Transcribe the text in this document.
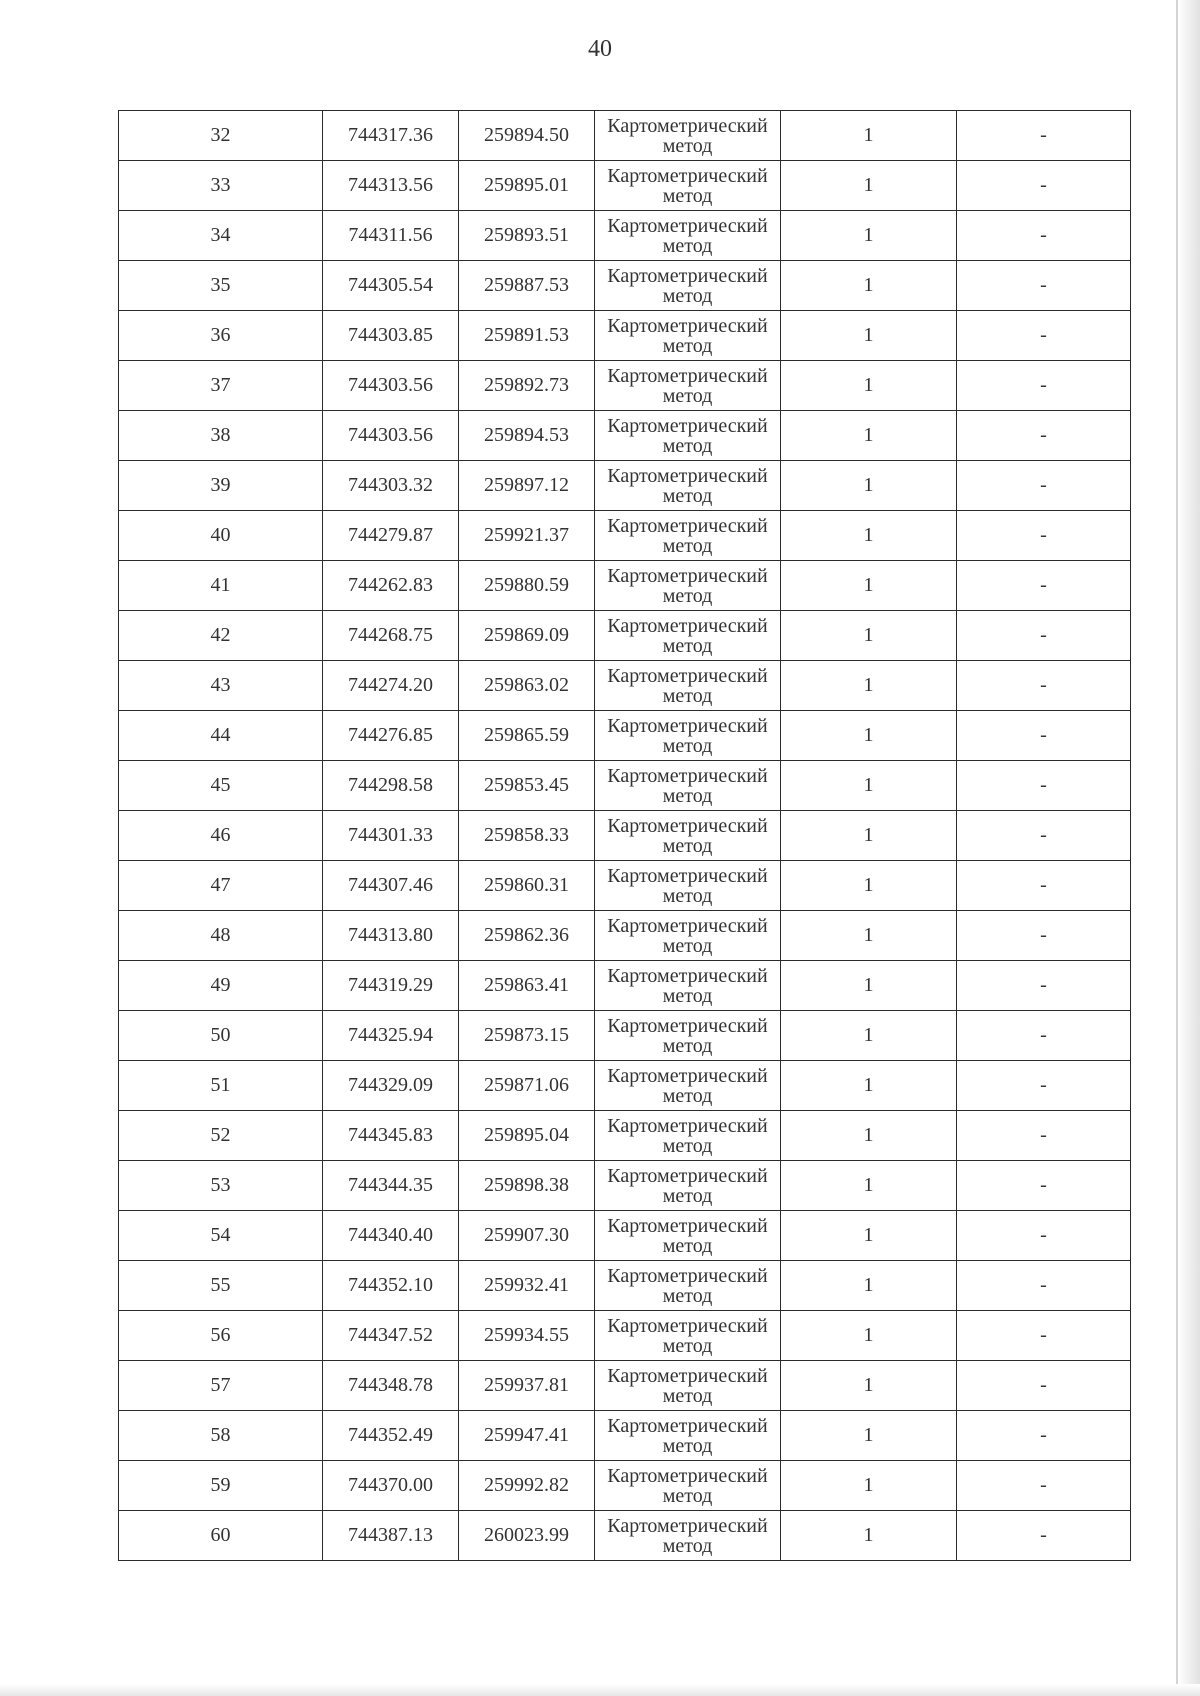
40
32	744317.36	259894.50	Картометрический
метод	1	-
33	744313.56	259895.01	Картометрический
метод	1	-
34	744311.56	259893.51	Картометрический
метод	1	-
35	744305.54	259887.53	Картометрический
метод	1	-
36	744303.85	259891.53	Картометрический
метод	1	-
37	744303.56	259892.73	Картометрический
метод	1	-
38	744303.56	259894.53	Картометрический
метод	1	-
39	744303.32	259897.12	Картометрический
метод	1	-
40	744279.87	259921.37	Картометрический
метод	1	-
41	744262.83	259880.59	Картометрический
метод	1	-
42	744268.75	259869.09	Картометрический
метод	1	-
43	744274.20	259863.02	Картометрический
метод	1	-
44	744276.85	259865.59	Картометрический
метод	1	-
45	744298.58	259853.45	Картометрический
метод	1	-
46	744301.33	259858.33	Картометрический
метод	1	-
47	744307.46	259860.31	Картометрический
метод	1	-
48	744313.80	259862.36	Картометрический
метод	1	-
49	744319.29	259863.41	Картометрический
метод	1	-
50	744325.94	259873.15	Картометрический
метод	1	-
51	744329.09	259871.06	Картометрический
метод	1	-
52	744345.83	259895.04	Картометрический
метод	1	-
53	744344.35	259898.38	Картометрический
метод	1	-
54	744340.40	259907.30	Картометрический
метод	1	-
55	744352.10	259932.41	Картометрический
метод	1	-
56	744347.52	259934.55	Картометрический
метод	1	-
57	744348.78	259937.81	Картометрический
метод	1	-
58	744352.49	259947.41	Картометрический
метод	1	-
59	744370.00	259992.82	Картометрический
метод	1	-
60	744387.13	260023.99	Картометрический
метод	1	-
